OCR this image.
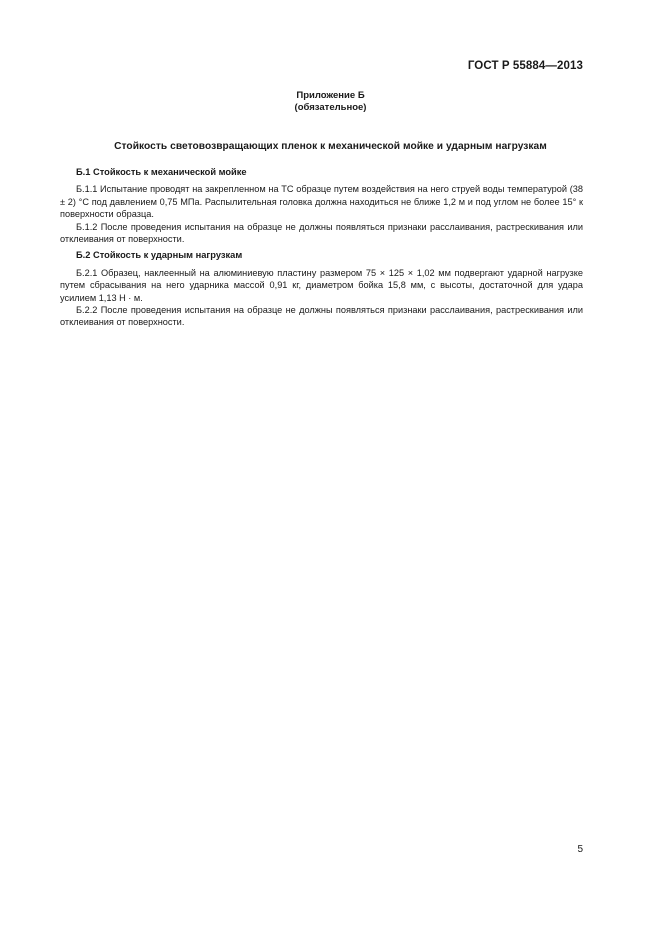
ГОСТ Р 55884—2013
Приложение Б
(обязательное)
Стойкость световозвращающих пленок к механической мойке и ударным нагрузкам
Б.1 Стойкость к механической мойке

Б.1.1 Испытание проводят на закрепленном на ТС образце путем воздействия на него струей воды температурой (38 ± 2) °С под давлением 0,75 МПа. Распылительная головка должна находиться не ближе 1,2 м и под углом не более 15° к поверхности образца.

Б.1.2 После проведения испытания на образце не должны появляться признаки расслаивания, растрескивания или отклеивания от поверхности.

Б.2 Стойкость к ударным нагрузкам

Б.2.1 Образец, наклеенный на алюминиевую пластину размером 75 × 125 × 1,02 мм подвергают ударной нагрузке путем сбрасывания на него ударника массой 0,91 кг, диаметром бойка 15,8 мм, с высоты, достаточной для удара усилием 1,13 Н · м.

Б.2.2 После проведения испытания на образце не должны появляться признаки расслаивания, растрескивания или отклеивания от поверхности.

5
